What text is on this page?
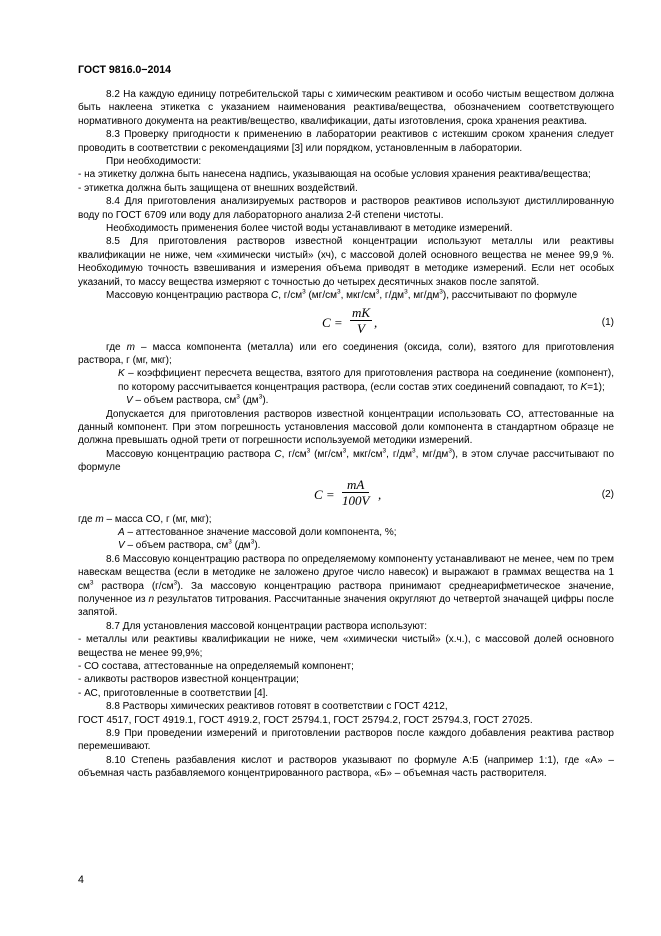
ГОСТ 9816.0−2014

8.2 На каждую единицу потребительской тары с химическим реактивом и особо чистым веществом должна быть наклеена этикетка с указанием наименования реактива/вещества, обозначением соответствующего нормативного документа на реактив/вещество, квалификации, даты изготовления, срока хранения реактива.

8.3 Проверку пригодности к применению в лаборатории реактивов с истекшим сроком хранения следует проводить в соответствии с рекомендациями [3] или порядком, установленным в лаборатории.

При необходимости:

- на этикетку должна быть нанесена надпись, указывающая на особые условия хранения реактива/вещества;

- этикетка должна быть защищена от внешних воздействий.

8.4 Для приготовления анализируемых растворов и растворов реактивов используют дистиллированную воду по ГОСТ 6709 или воду для лабораторного анализа 2-й степени чистоты.

Необходимость применения более чистой воды устанавливают в методике измерений.

8.5 Для приготовления растворов известной концентрации используют металлы или реактивы квалификации не ниже, чем «химически чистый» (хч), с массовой долей основного вещества не менее 99,9 %. Необходимую точность взвешивания и измерения объема приводят в методике измерений. Если нет особых указаний, то массу вещества измеряют с точностью до четырех десятичных знаков после запятой.

Массовую концентрацию раствора C, $г/см^3$ ($мг/см^3$, мкг/$см^3$, $г/дм^3$, $мг/дм^3$), рассчитывают по формуле

$C = \frac{mK}{V}$ ,	(1)

где m – масса компонента (металла) или его соединения (оксида, соли), взятого для приготовления раствора, г (мг, мкг);

K – коэффициент пересчета вещества, взятого для приготовления раствора на соединение (компонент), по которому рассчитывается концентрация раствора, (если состав этих соединений совпадают, то K=1);

V – объем раствора, $см^3$ $(дм^3)$.

Допускается для приготовления растворов известной концентрации использовать СО, аттестованные на данный компонент. При этом погрешность установления массовой доли компонента в стандартном образце не должна превышать одной трети от погрешности используемой методики измерений.

Массовую концентрацию раствора C, $г/см^3$ ($мг/см^3$, мкг/$см^3$, $г/дм^3$, $мг/дм^3$), в этом случае рассчитывают по формуле

$C = \frac{mA}{100V}$ ,	(2)

где m – масса СО, г (мг, мкг);

A – аттестованное значение массовой доли компонента, %;

V – объем раствора, $см^3$ $(дм^3)$.

8.6 Массовую концентрацию раствора по определяемому компоненту устанавливают не менее, чем по трем навескам вещества (если в методике не заложено другое число навесок) и выражают в граммах вещества на 1 $см^3$ раствора $(г/см^3)$. За массовую концентрацию раствора принимают среднеарифметическое значение, полученное из n результатов титрования. Рассчитанные значения округляют до четвертой значащей цифры после запятой.

8.7 Для установления массовой концентрации раствора используют:

- металлы или реактивы квалификации не ниже, чем «химически чистый» (х.ч.), с массовой долей основного вещества не менее 99,9%;

- СО состава, аттестованные на определяемый компонент;

- аликвоты растворов известной концентрации;

- АС, приготовленные в соответствии [4].

8.8 Растворы химических реактивов готовят в соответствии с ГОСТ 4212,

ГОСТ 4517, ГОСТ 4919.1, ГОСТ 4919.2, ГОСТ 25794.1, ГОСТ 25794.2, ГОСТ 25794.3, ГОСТ 27025.

8.9 При проведении измерений и приготовлении растворов после каждого добавления реактива раствор перемешивают.

8.10 Степень разбавления кислот и растворов указывают по формуле А:Б (например 1:1), где «А» – объемная часть разбавляемого концентрированного раствора, «Б» – объемная часть растворителя.

4
